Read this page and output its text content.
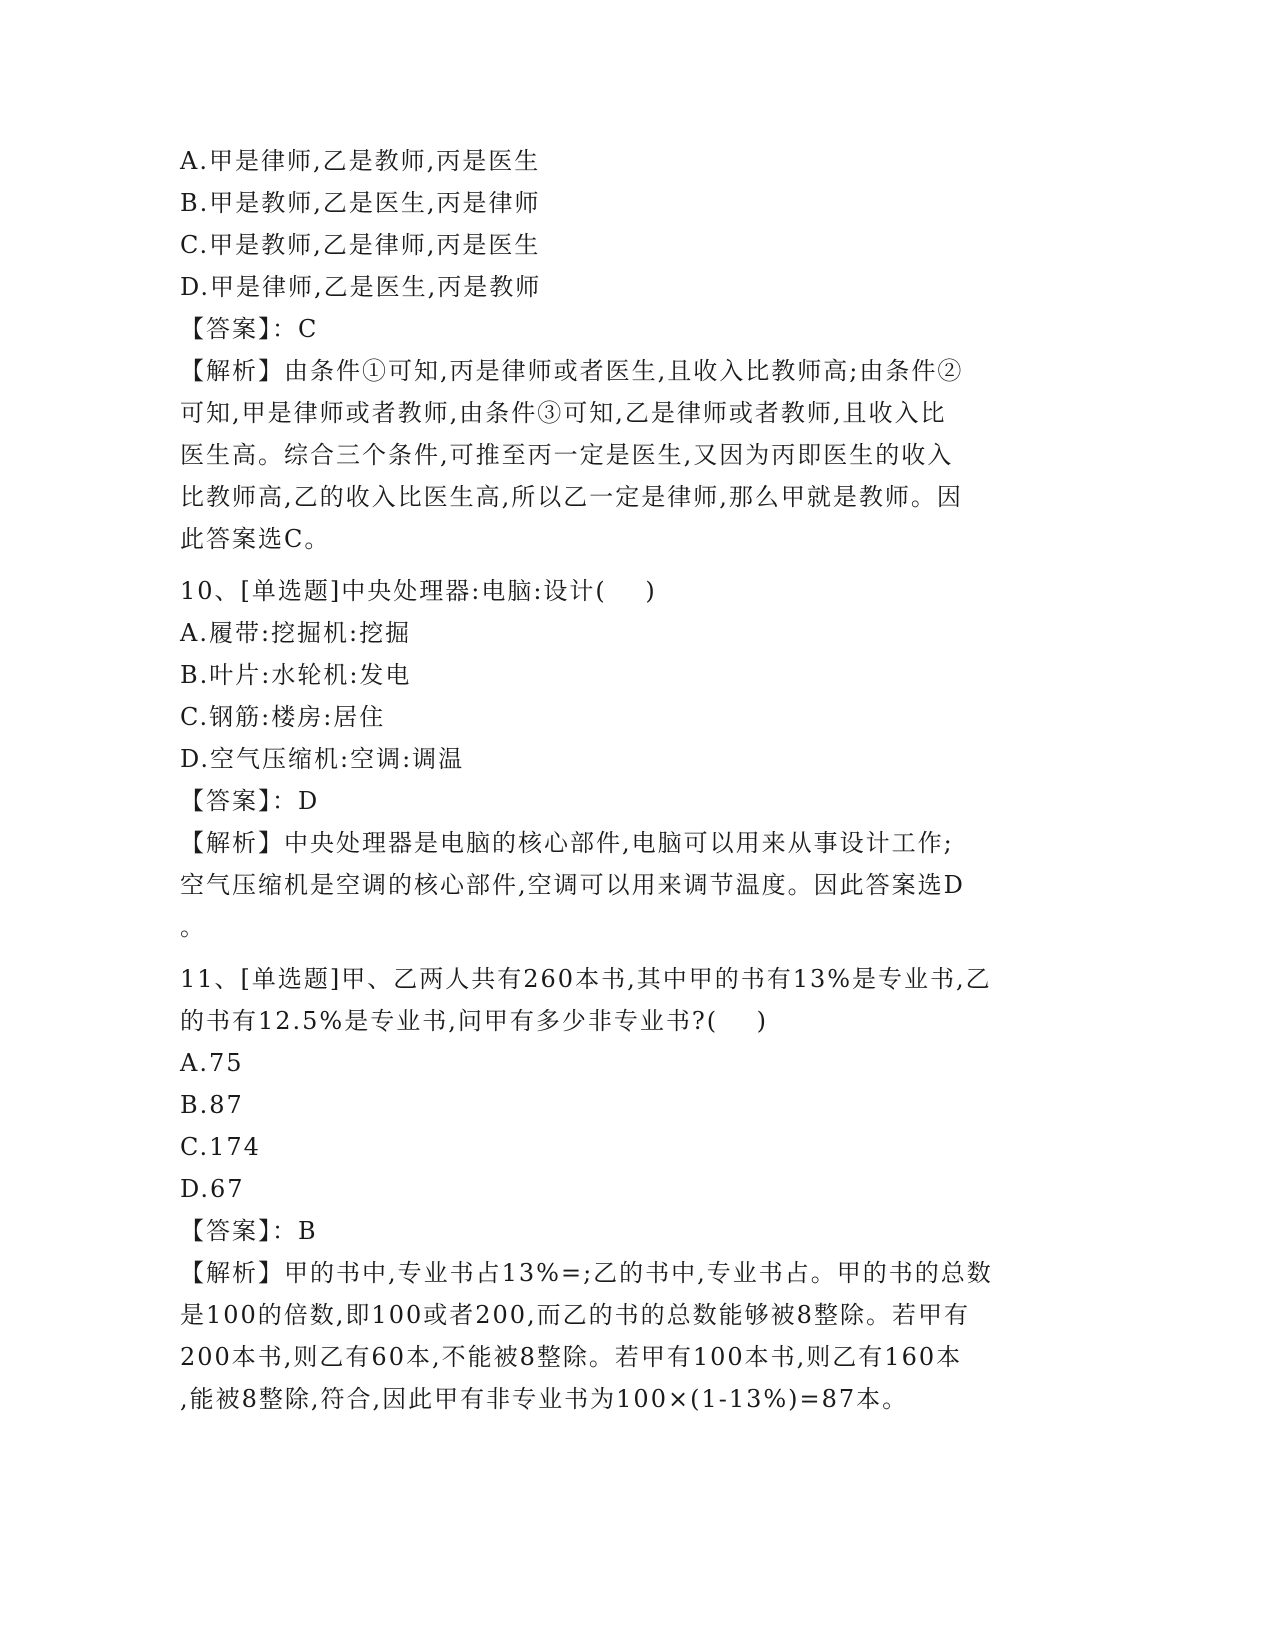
A.甲是律师,乙是教师,丙是医生
B.甲是教师,乙是医生,丙是律师
C.甲是教师,乙是律师,丙是医生
D.甲是律师,乙是医生,丙是教师
【答案】：C
【解析】由条件①可知,丙是律师或者医生,且收入比教师高;由条件②
可知,甲是律师或者教师,由条件③可知,乙是律师或者教师,且收入比
医生高。综合三个条件,可推至丙一定是医生,又因为丙即医生的收入
比教师高,乙的收入比医生高,所以乙一定是律师,那么甲就是教师。因
此答案选C。
10、[单选题]中央处理器:电脑:设计(    )
A.履带:挖掘机:挖掘
B.叶片:水轮机:发电
C.钢筋:楼房:居住
D.空气压缩机:空调:调温
【答案】：D
【解析】中央处理器是电脑的核心部件,电脑可以用来从事设计工作;
空气压缩机是空调的核心部件,空调可以用来调节温度。因此答案选D
。
11、[单选题]甲、乙两人共有260本书,其中甲的书有13%是专业书,乙
的书有12.5%是专业书,问甲有多少非专业书?(    )
A.75
B.87
C.174
D.67
【答案】：B
【解析】甲的书中,专业书占13%=;乙的书中,专业书占。甲的书的总数
是100的倍数,即100或者200,而乙的书的总数能够被8整除。若甲有
200本书,则乙有60本,不能被8整除。若甲有100本书,则乙有160本
,能被8整除,符合,因此甲有非专业书为100×(1-13%)=87本。
